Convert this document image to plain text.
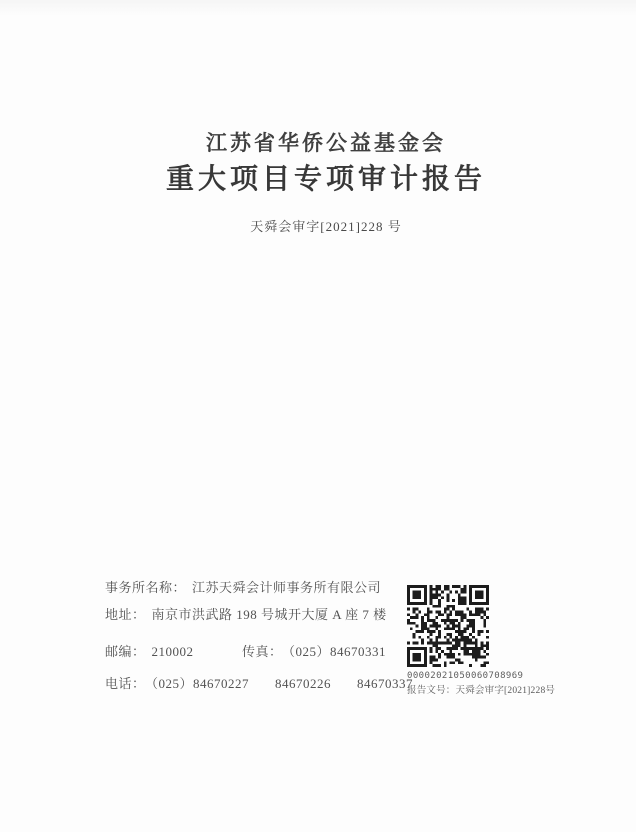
江苏省华侨公益基金会
重大项目专项审计报告
天舜会审字[2021]228 号
事务所名称： 江苏天舜会计师事务所有限公司
地址： 南京市洪武路 198 号城开大厦 A 座 7 楼
邮编： 210002	传真： （025）84670331
电话： （025）84670227 84670226 84670337
00002021050060708969
报告文号：天舜会审字[2021]228号
